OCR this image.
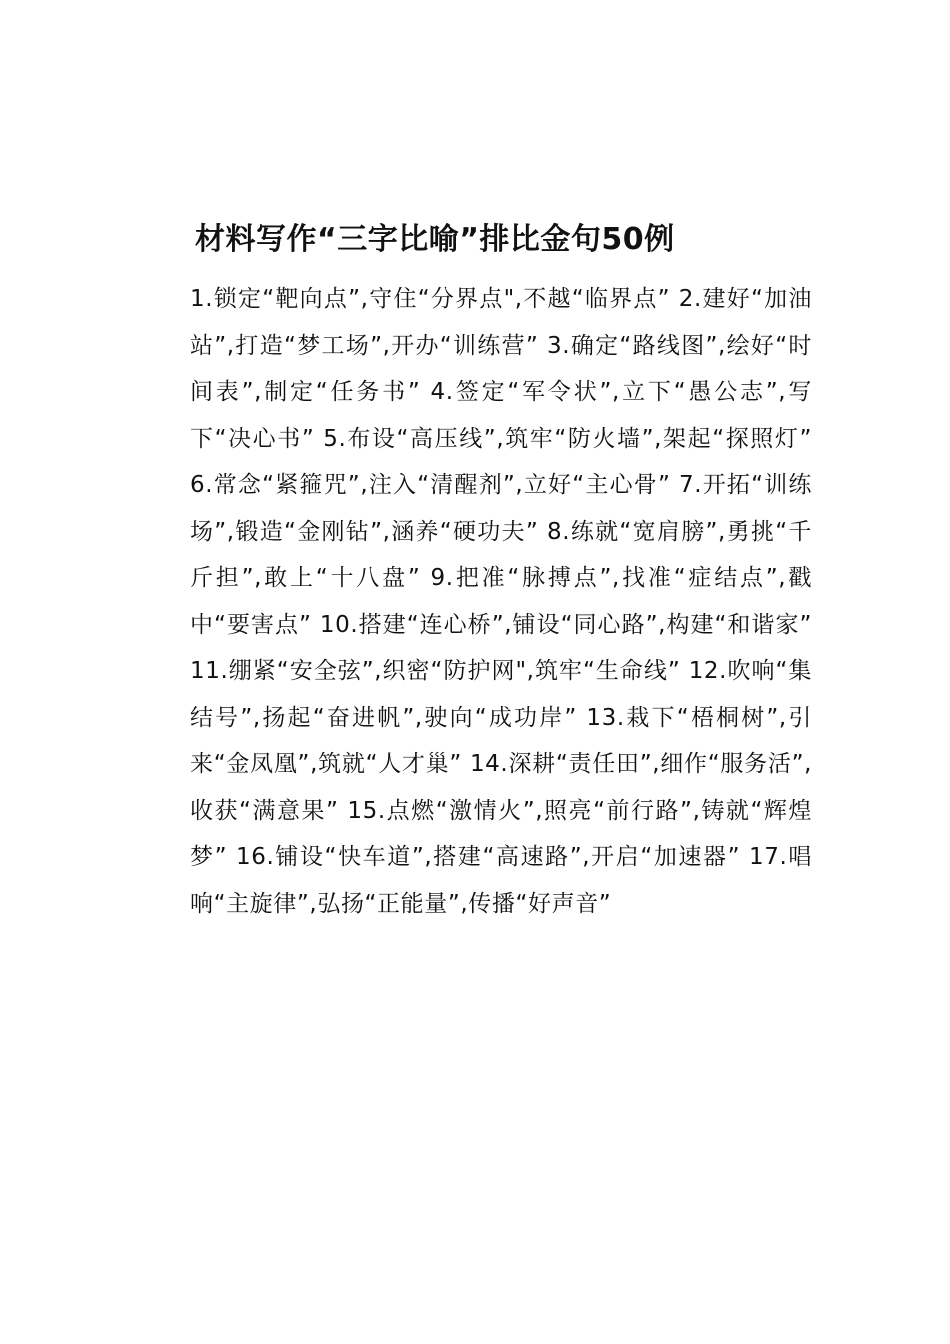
材料写作“三字比喻”排比金句50例

1.锁定“靶向点”,守住“分界点",不越“临界点” 2.建好“加油站”,打造“梦工场”,开办“训练营” 3.确定“路线图”,绘好“时间表”,制定“任务书” 4.签定“军令状”,立下“愚公志”,写下“决心书” 5.布设“高压线”,筑牢“防火墙”,架起“探照灯” 6.常念“紧箍咒”,注入“清醒剂”,立好“主心骨” 7.开拓“训练场”,锻造“金刚钻”,涵养“硬功夫” 8.练就“宽肩膀”,勇挑“千斤担”,敢上“十八盘” 9.把准“脉搏点”,找准“症结点”,戳中“要害点” 10.搭建“连心桥”,铺设“同心路”,构建“和谐家” 11.绷紧“安全弦”,织密“防护网",筑牢“生命线” 12.吹响“集结号”,扬起“奋进帆”,驶向“成功岸” 13.栽下“梧桐树”,引来“金凤凰”,筑就“人才巢” 14.深耕“责任田”,细作“服务活”,收获“满意果” 15.点燃“激情火”,照亮“前行路”,铸就“辉煌梦” 16.铺设“快车道”,搭建“高速路”,开启“加速器” 17.唱响“主旋律”,弘扬“正能量”,传播“好声音”
